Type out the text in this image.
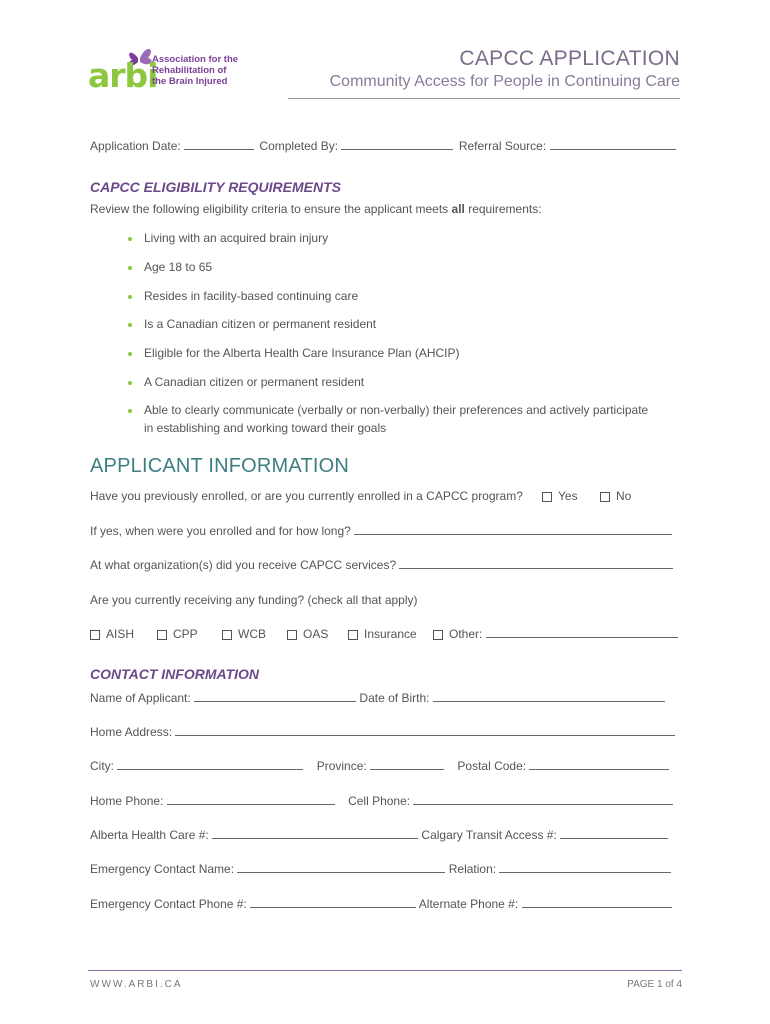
arbi
Association for the
Rehabilitation of
the Brain Injured
CAPCC APPLICATION
Community Access for People in Continuing Care
Application Date:	Completed By:	Referral Source:
CAPCC ELIGIBILITY REQUIREMENTS
Review the following eligibility criteria to ensure the applicant meets all requirements:
Living with an acquired brain injury
Age 18 to 65
Resides in facility-based continuing care
Is a Canadian citizen or permanent resident
Eligible for the Alberta Health Care Insurance Plan (AHCIP)
A Canadian citizen or permanent resident
Able to clearly communicate (verbally or non-verbally) their preferences and actively participate
in establishing and working toward their goals
APPLICANT INFORMATION
Have you previously enrolled, or are you currently enrolled in a CAPCC program?	Yes	No
If yes, when were you enrolled and for how long?
At what organization(s) did you receive CAPCC services?
Are you currently receiving any funding? (check all that apply)
AISH	CPP	WCB	OAS	Insurance	Other:
CONTACT INFORMATION
Name of Applicant:	Date of Birth:
Home Address:
City:	Province:	Postal Code:
Home Phone:	Cell Phone:
Alberta Health Care #:	Calgary Transit Access #:
Emergency Contact Name:	Relation:
Emergency Contact Phone #:	Alternate Phone #:
WWW.ARBI.CA	PAGE 1 of 4
